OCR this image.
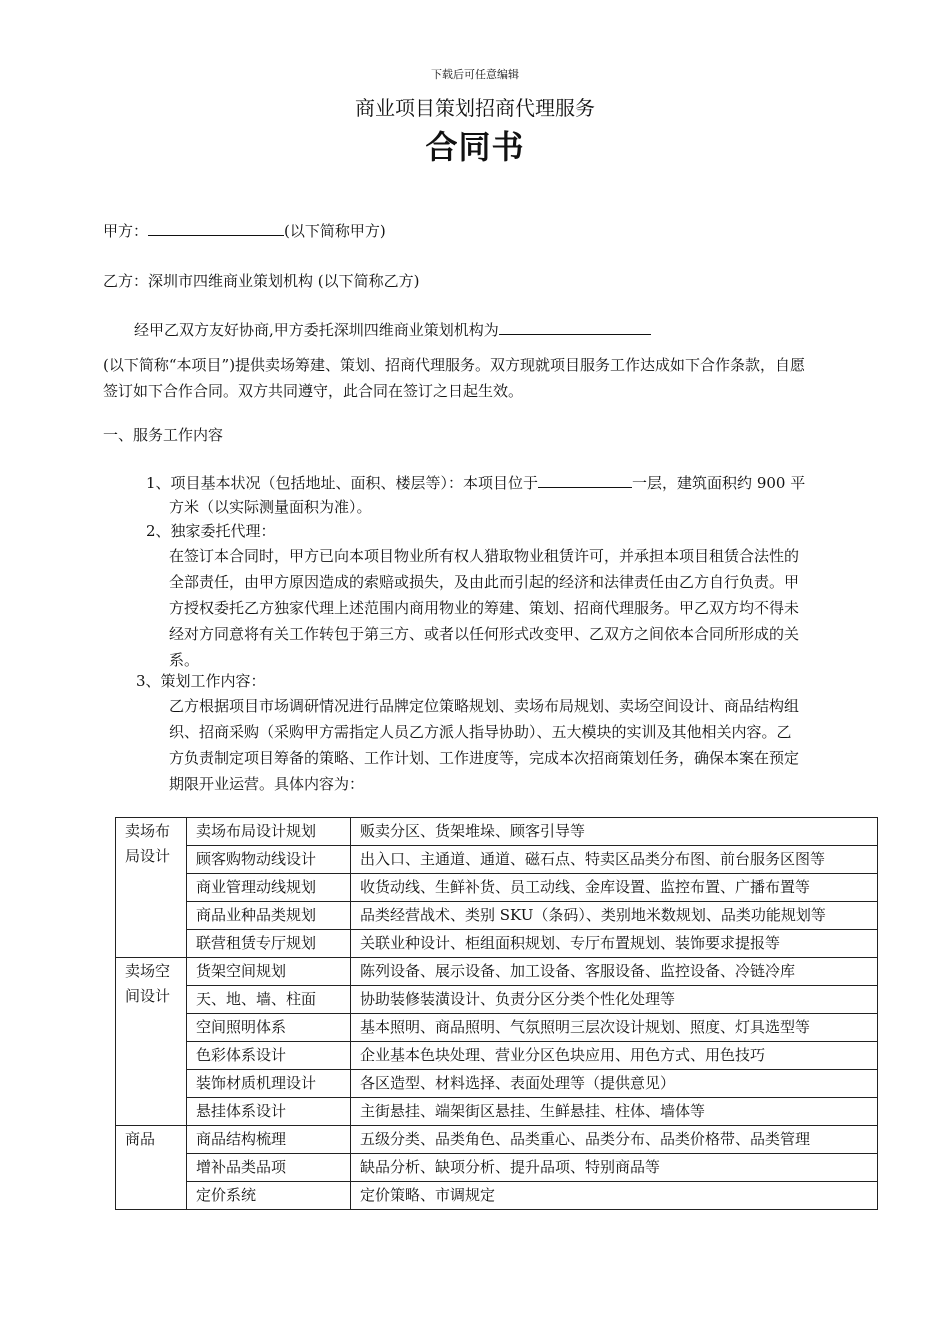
下载后可任意编辑
商业项目策划招商代理服务
合同书
甲方：	(以下简称甲方)
乙方：深圳市四维商业策划机构 (以下简称乙方)
经甲乙双方友好协商,甲方委托深圳四维商业策划机构为
(以下简称“本项目”)提供卖场筹建、策划、招商代理服务。双方现就项目服务工作达成如下合作条款，自愿
签订如下合作合同。双方共同遵守，此合同在签订之日起生效。
一、服务工作内容
1、项目基本状况（包括地址、面积、楼层等）：本项目位于	一层，建筑面积约 900 平
方米（以实际测量面积为准）。
2、独家委托代理：
在签订本合同时，甲方已向本项目物业所有权人猎取物业租赁许可，并承担本项目租赁合法性的
全部责任，由甲方原因造成的索赔或损失，及由此而引起的经济和法律责任由乙方自行负责。甲
方授权委托乙方独家代理上述范围内商用物业的筹建、策划、招商代理服务。甲乙双方均不得未
经对方同意将有关工作转包于第三方、或者以任何形式改变甲、乙双方之间依本合同所形成的关
系。
3、策划工作内容：
乙方根据项目市场调研情况进行品牌定位策略规划、卖场布局规划、卖场空间设计、商品结构组
织、招商采购（采购甲方需指定人员乙方派人指导协助）、五大模块的实训及其他相关内容。乙
方负责制定项目筹备的策略、工作计划、工作进度等，完成本次招商策划任务，确保本案在预定
期限开业运营。具体内容为：
卖场布局设计	卖场布局设计规划	贩卖分区、货架堆垛、顾客引导等
	顾客购物动线设计	出入口、主通道、通道、磁石点、特卖区品类分布图、前台服务区图等
	商业管理动线规划	收货动线、生鲜补货、员工动线、金库设置、监控布置、广播布置等
	商品业种品类规划	品类经营战术、类别 SKU（条码）、类别地米数规划、品类功能规划等
	联营租赁专厅规划	关联业种设计、柜组面积规划、专厅布置规划、装饰要求提报等
卖场空间设计	货架空间规划	陈列设备、展示设备、加工设备、客服设备、监控设备、冷链冷库
	天、地、墙、柱面	协助装修装潢设计、负责分区分类个性化处理等
	空间照明体系	基本照明、商品照明、气氛照明三层次设计规划、照度、灯具选型等
	色彩体系设计	企业基本色块处理、营业分区色块应用、用色方式、用色技巧
	装饰材质机理设计	各区造型、材料选择、表面处理等（提供意见）
	悬挂体系设计	主街悬挂、端架街区悬挂、生鲜悬挂、柱体、墙体等
商品	商品结构梳理	五级分类、品类角色、品类重心、品类分布、品类价格带、品类管理
	增补品类品项	缺品分析、缺项分析、提升品项、特别商品等
	定价系统	定价策略、市调规定
